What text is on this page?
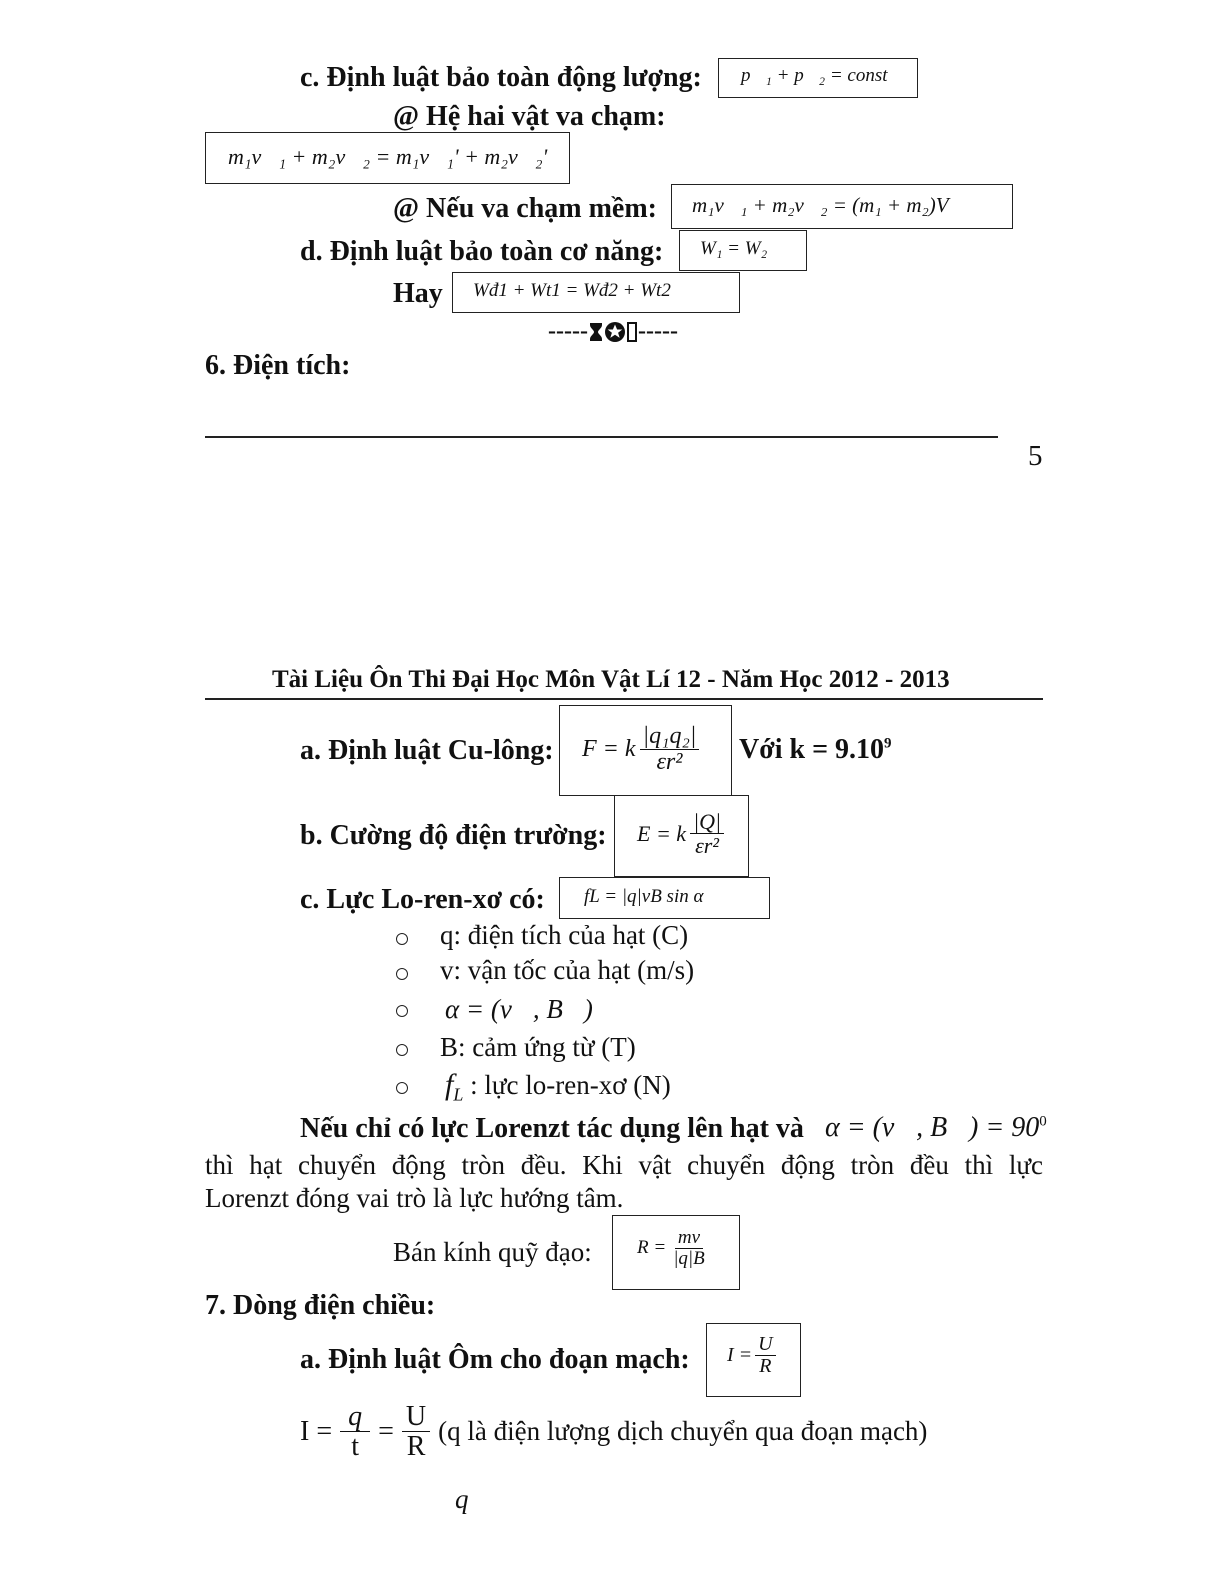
c. Định luật bảo toàn động lượng: p⃗₁ + p⃗₂ = const
@ Hệ hai vật va chạm:
m₁v⃗₁ + m₂v⃗₂ = m₁v⃗₁' + m₂v⃗₂'
@ Nếu va chạm mềm: m₁v⃗₁ + m₂v⃗₂ = (m₁ + m₂)V⃗
d. Định luật bảo toàn cơ năng: W₁ = W₂
Hay Wđ1 + Wt1 = Wđ2 + Wt2
----- -----
6. Điện tích:
5
Tài Liệu Ôn Thi Đại Học Môn Vật Lí 12 - Năm Học 2012 - 2013
a. Định luật Cu-lông: F = k $\frac{\text{|q₁q₂|}}{\text{εr²}}$ Với $k = 9.10^9$
b. Cường độ điện trường: E = k $\frac{|Q|}{\text{εr²}}$
c. Lực Lo-ren-xơ có: fL = |q|vB sin α
q: điện tích của hạt (C)
v: vận tốc của hạt (m/s)
α = (v⃗, B⃗)
B: cảm ứng từ (T)
$f_L$ : lực lo-ren-xơ (N)
Nếu chỉ có lực Lorenzt tác dụng lên hạt và α = (v⃗, B⃗) = $90^0$
thì hạt chuyển động tròn đều. Khi vật chuyển động tròn đều thì lực
Lorenzt đóng vai trò là lực hướng tâm.
Bán kính quỹ đạo: $R = \frac{mv}{|q|B}$
7. Dòng điện chiều:
a. Định luật Ôm cho đoạn mạch: $I = \frac{U}{R}$
$I = \frac{q}{t} = \frac{U}{R} (q$ là điện lượng dịch chuyển qua đoạn mạch)
q
